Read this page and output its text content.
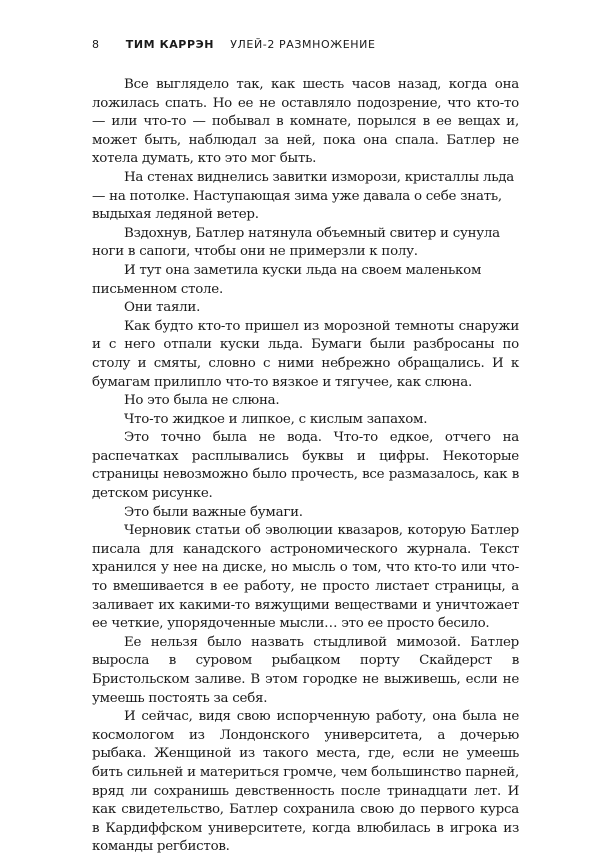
8 ТИМ КАРРЭН УЛЕЙ-2 РАЗМНОЖЕНИЕ

Все выглядело так, как шесть часов назад, когда она ложилась спать. Но ее не оставляло подозрение, что кто-то — или что-то — побывал в комнате, порылся в ее вещах и, может быть, наблюдал за ней, пока она спала. Батлер не хотела думать, кто это мог быть.

На стенах виднелись завитки изморози, кристаллы льда — на потолке. Наступающая зима уже давала о себе знать, выдыхая ледяной ветер.

Вздохнув, Батлер натянула объемный свитер и сунула ноги в сапоги, чтобы они не примерзли к полу.

И тут она заметила куски льда на своем маленьком письменном столе.

Они таяли.

Как будто кто-то пришел из морозной темноты снаружи и с него отпали куски льда. Бумаги были разбросаны по столу и смяты, словно с ними небрежно обращались. И к бумагам прилипло что-то вязкое и тягучее, как слюна.

Но это была не слюна.

Что-то жидкое и липкое, с кислым запахом.

Это точно была не вода. Что-то едкое, отчего на распечатках расплывались буквы и цифры. Некоторые страницы невозможно было прочесть, все размазалось, как в детском рисунке.

Это были важные бумаги.

Черновик статьи об эволюции квазаров, которую Батлер писала для канадского астрономического журнала. Текст хранился у нее на диске, но мысль о том, что кто-то или что-то вмешивается в ее работу, не просто листает страницы, а заливает их какими-то вяжущими веществами и уничтожает ее четкие, упорядоченные мысли… это ее просто бесило.

Ее нельзя было назвать стыдливой мимозой. Батлер выросла в суровом рыбацком порту Скайдерст в Бристольском заливе. В этом городке не выживешь, если не умеешь постоять за себя.

И сейчас, видя свою испорченную работу, она была не космологом из Лондонского университета, а дочерью рыбака. Женщиной из такого места, где, если не умеешь бить сильней и материться громче, чем большинство парней, вряд ли сохранишь девственность после тринадцати лет. И как свидетельство, Батлер сохранила свою до первого курса в Кардиффском университете, когда влюбилась в игрока из команды регбистов.
